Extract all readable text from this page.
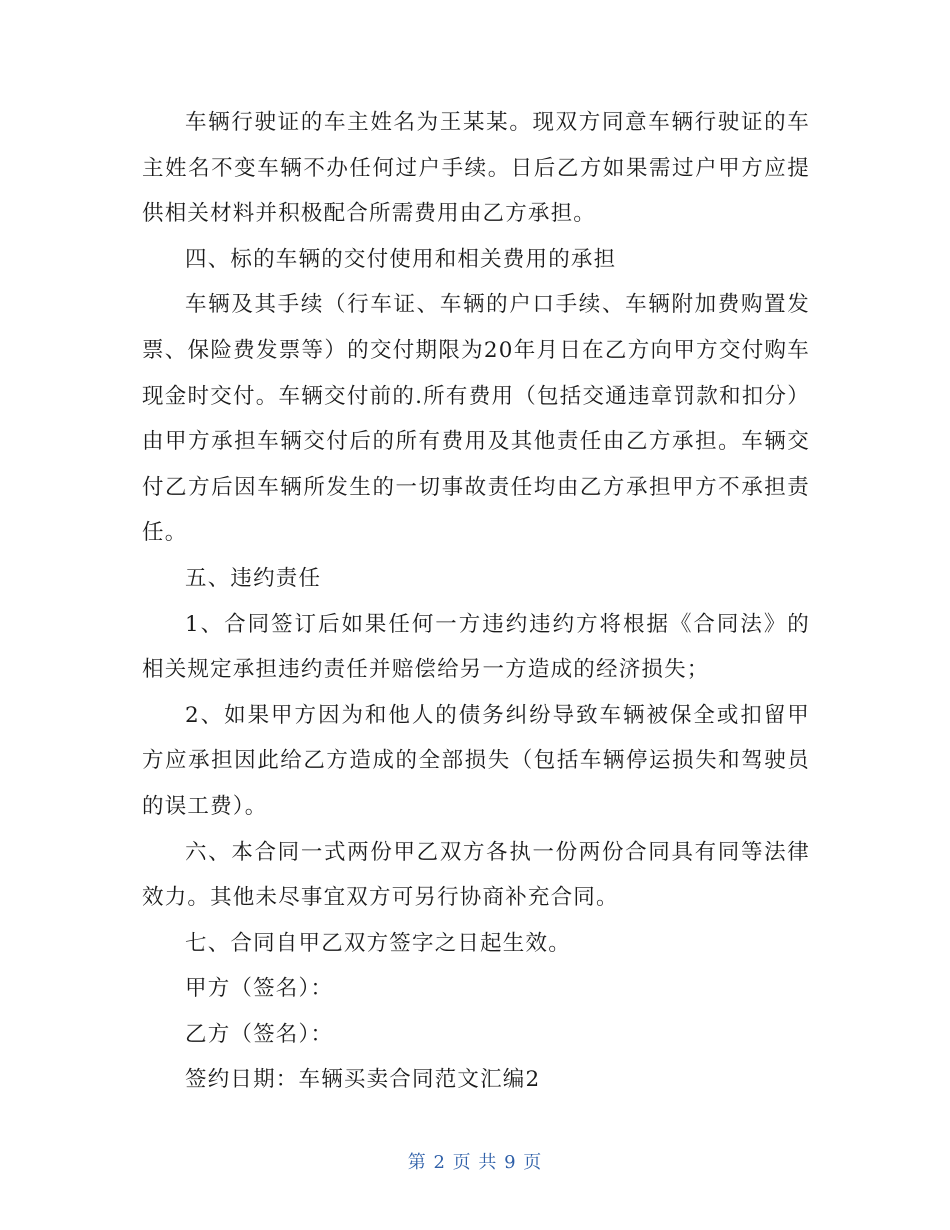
车辆行驶证的车主姓名为王某某。现双方同意车辆行驶证的车主姓名不变车辆不办任何过户手续。日后乙方如果需过户甲方应提供相关材料并积极配合所需费用由乙方承担。

四、标的车辆的交付使用和相关费用的承担

车辆及其手续（行车证、车辆的户口手续、车辆附加费购置发票、保险费发票等）的交付期限为20年月日在乙方向甲方交付购车现金时交付。车辆交付前的.所有费用（包括交通违章罚款和扣分）由甲方承担车辆交付后的所有费用及其他责任由乙方承担。车辆交付乙方后因车辆所发生的一切事故责任均由乙方承担甲方不承担责任。

五、违约责任

1、合同签订后如果任何一方违约违约方将根据《合同法》的相关规定承担违约责任并赔偿给另一方造成的经济损失；

2、如果甲方因为和他人的债务纠纷导致车辆被保全或扣留甲方应承担因此给乙方造成的全部损失（包括车辆停运损失和驾驶员的误工费）。

六、本合同一式两份甲乙双方各执一份两份合同具有同等法律效力。其他未尽事宜双方可另行协商补充合同。

七、合同自甲乙双方签字之日起生效。

甲方（签名）：

乙方（签名）：

签约日期：车辆买卖合同范文汇编2

第 2 页 共 9 页
